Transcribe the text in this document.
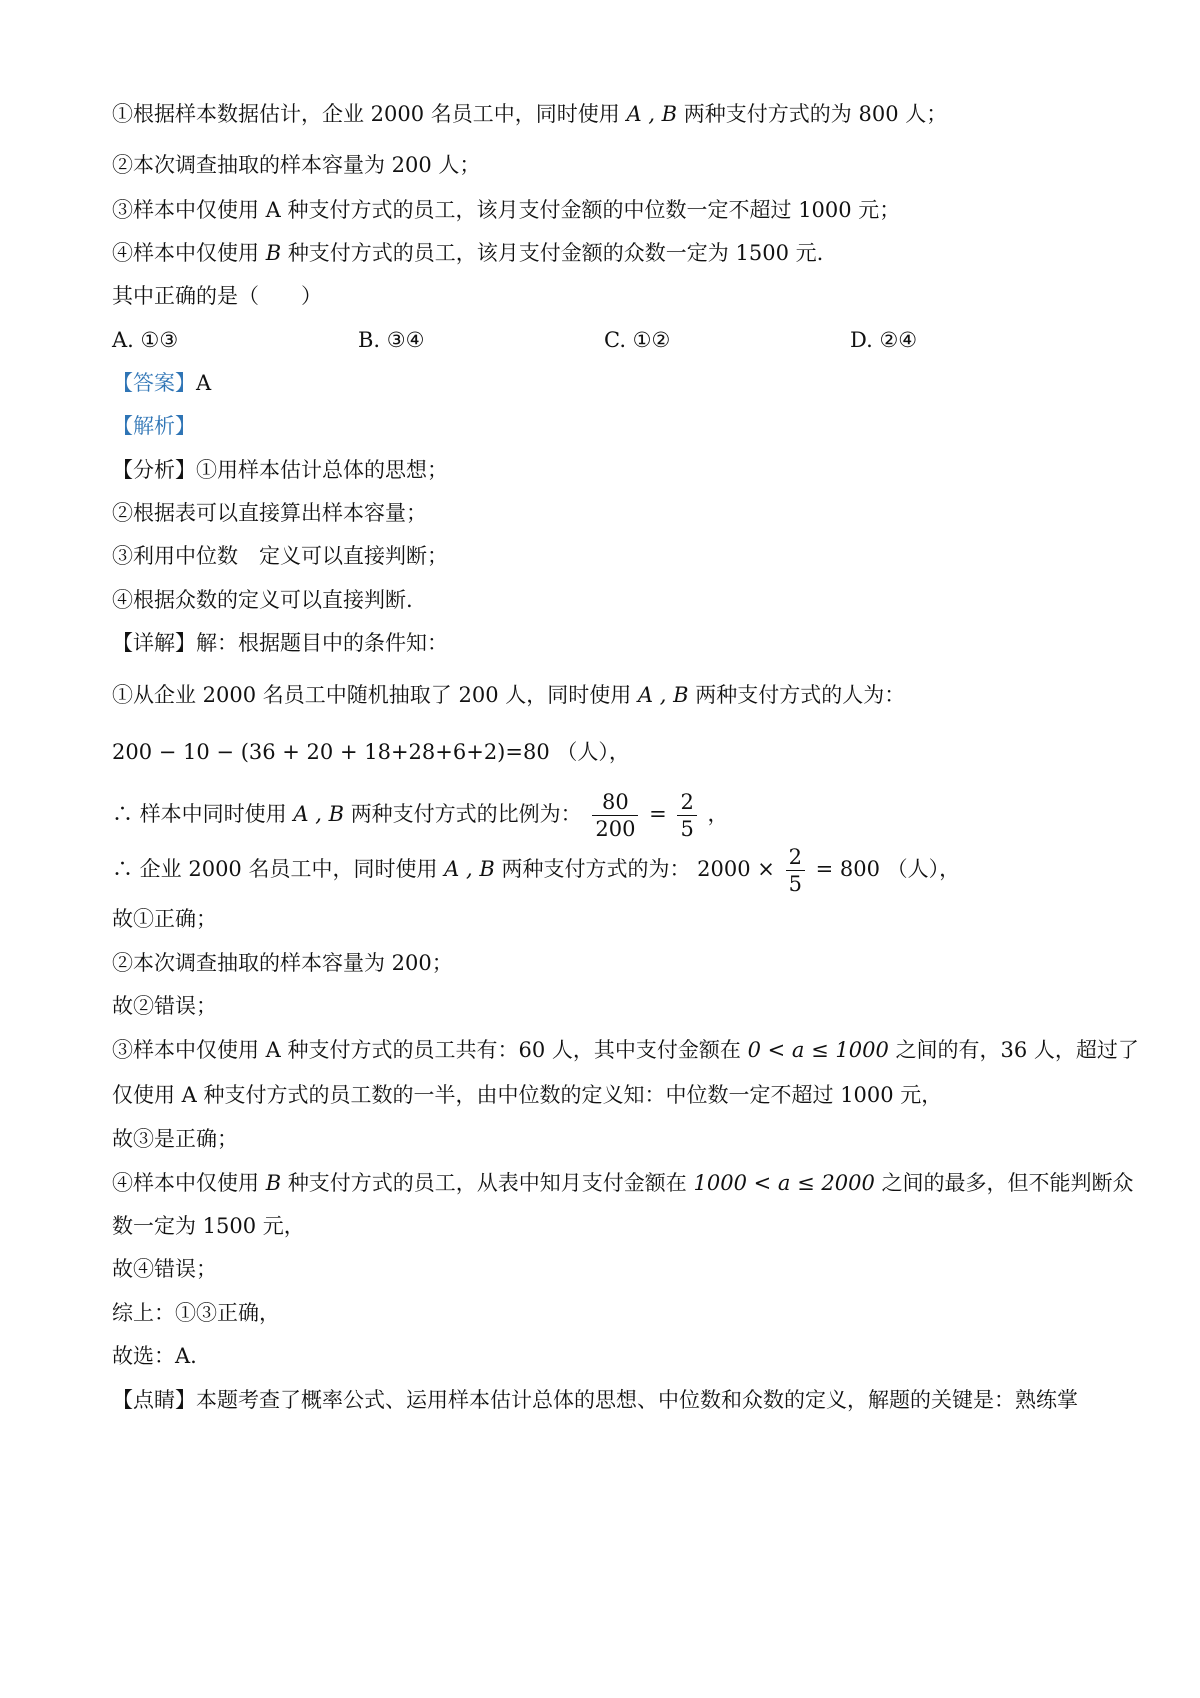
①根据样本数据估计，企业 2000 名员工中，同时使用 A , B 两种支付方式的为 800 人；
②本次调查抽取的样本容量为 200 人；
③样本中仅使用 A 种支付方式的员工，该月支付金额的中位数一定不超过 1000 元；
④样本中仅使用 B 种支付方式的员工，该月支付金额的众数一定为 1500 元.
其中正确的是（　　）
A. ①③	B. ③④	C. ①②	D. ②④
【答案】A
【解析】
【分析】①用样本估计总体的思想；
②根据表可以直接算出样本容量；
③利用中位数　定义可以直接判断；
④根据众数的定义可以直接判断.
【详解】解：根据题目中的条件知：
①从企业 2000 名员工中随机抽取了 200 人，同时使用 A , B 两种支付方式的人为：
200 − 10 − (36 + 20 + 18+28+6+2)=80 （人），
∴ 样本中同时使用 A , B 两种支付方式的比例为： $\frac{80}{200} = \frac{2}{5}$ ，
∴ 企业 2000 名员工中，同时使用 A , B 两种支付方式的为： $2000 \times \frac{2}{5} = 800$ （人），
故①正确；
②本次调查抽取的样本容量为 200；
故②错误；
③样本中仅使用 A 种支付方式的员工共有：60 人，其中支付金额在 0 < a ≤ 1000 之间的有，36 人，超过了
仅使用 A 种支付方式的员工数的一半，由中位数的定义知：中位数一定不超过 1000 元，
故③是正确；
④样本中仅使用 B 种支付方式的员工，从表中知月支付金额在 1000 < a ≤ 2000 之间的最多，但不能判断众
数一定为 1500 元，
故④错误；
综上：①③正确，
故选：A.
【点睛】本题考查了概率公式、运用样本估计总体的思想、中位数和众数的定义，解题的关键是：熟练掌
